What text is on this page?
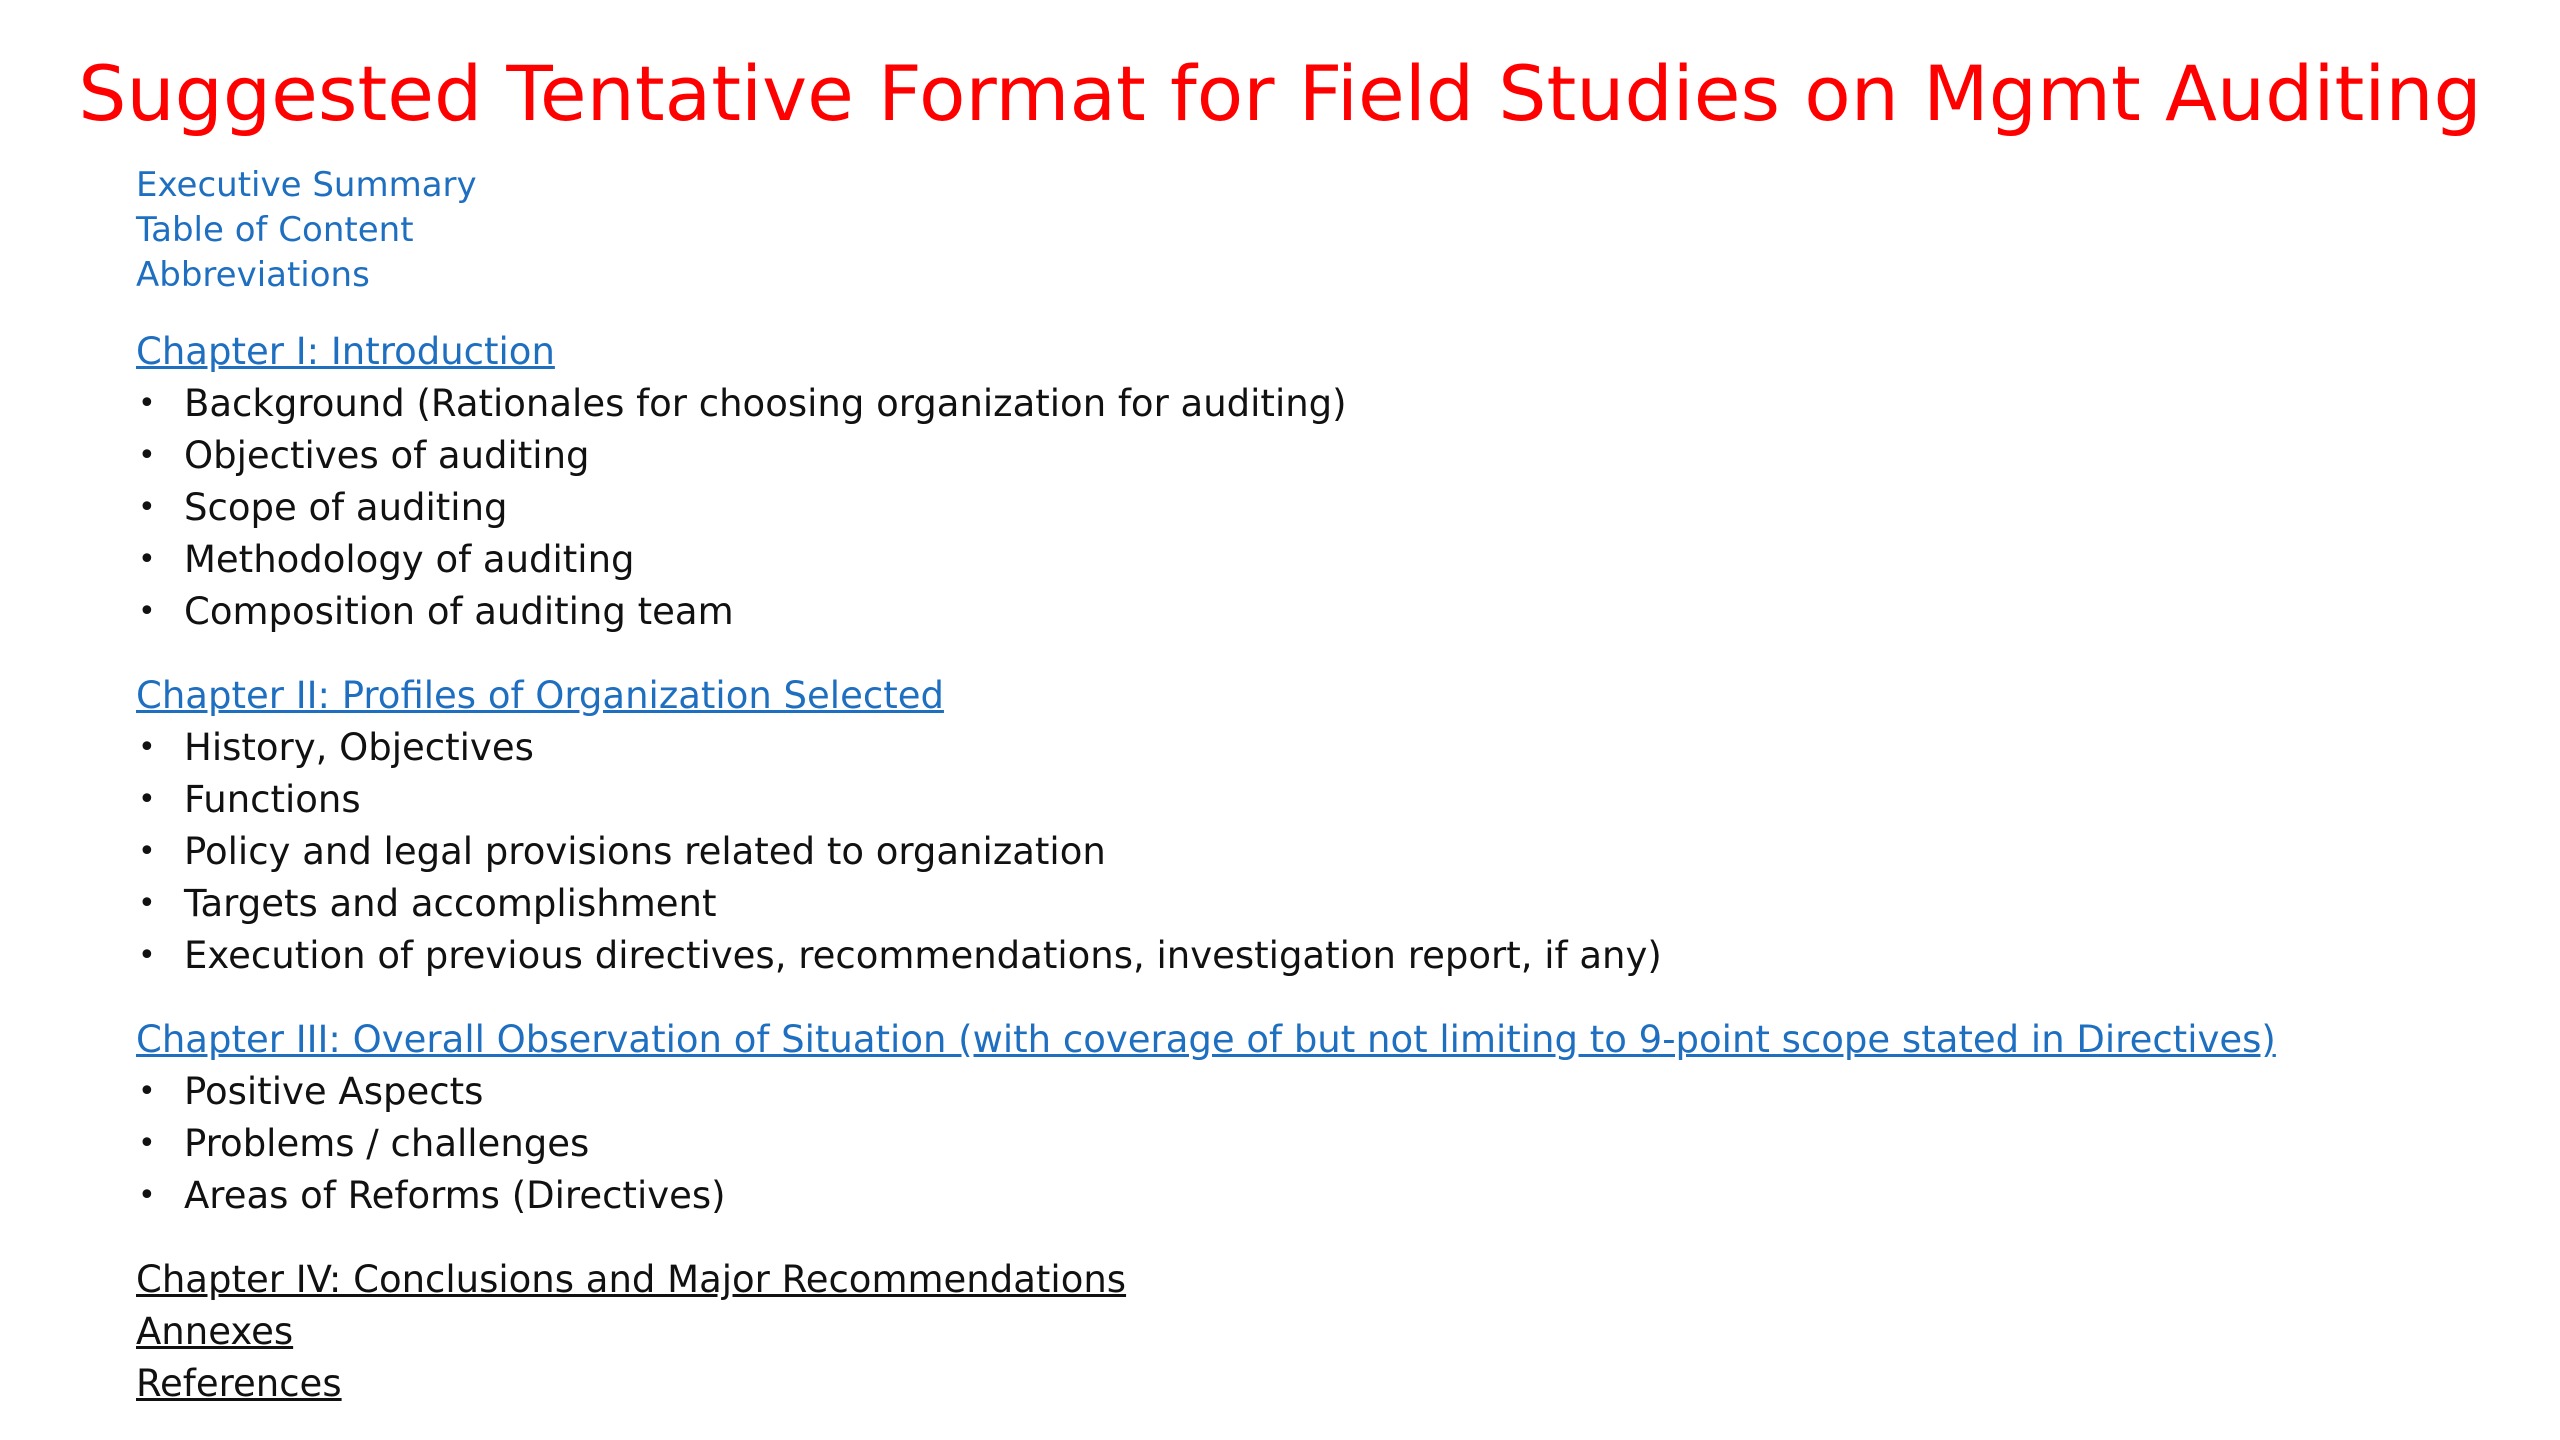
Suggested Tentative Format for Field Studies on Mgmt Auditing
Executive Summary
Table of Content
Abbreviations
Chapter I: Introduction
• Background (Rationales for choosing organization for auditing)
• Objectives of auditing
• Scope of auditing
• Methodology of auditing
• Composition of auditing team
Chapter II: Profiles of Organization Selected
• History, Objectives
• Functions
• Policy and legal provisions related to organization
• Targets and accomplishment
• Execution of previous directives, recommendations, investigation report, if any)
Chapter III: Overall Observation of Situation (with coverage of but not limiting to 9-point scope stated in Directives)
• Positive Aspects
• Problems / challenges
• Areas of Reforms (Directives)
Chapter IV: Conclusions and Major Recommendations
Annexes
References
